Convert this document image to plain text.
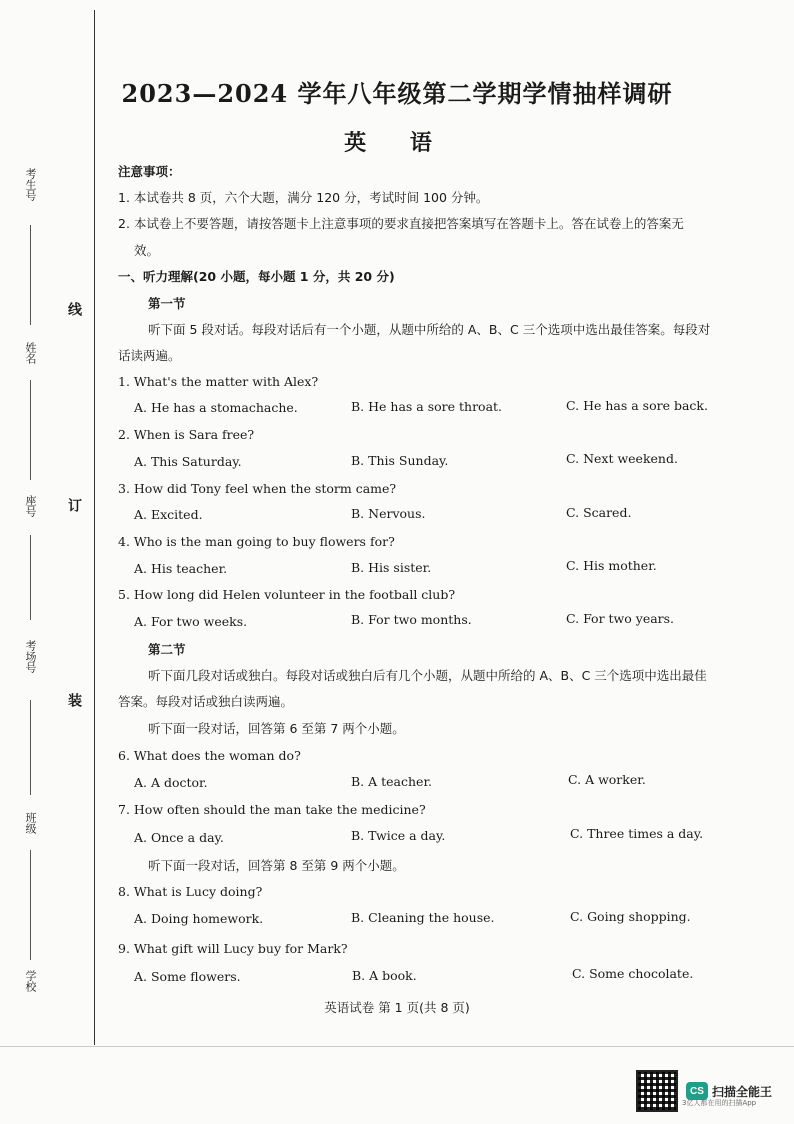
考生号
姓名
座号
考场号
班级
学校
线
订
装
2023—2024 学年八年级第二学期学情抽样调研
英 语
注意事项：
1. 本试卷共 8 页，六个大题，满分 120 分，考试时间 100 分钟。
2. 本试卷上不要答题，请按答题卡上注意事项的要求直接把答案填写在答题卡上。答在试卷上的答案无
效。
一、听力理解(20 小题，每小题 1 分，共 20 分)
第一节
听下面 5 段对话。每段对话后有一个小题，从题中所给的 A、B、C 三个选项中选出最佳答案。每段对
话读两遍。
1. What's the matter with Alex?
A. He has a stomachache.	B. He has a sore throat.	C. He has a sore back.
2. When is Sara free?
A. This Saturday.	B. This Sunday.	C. Next weekend.
3. How did Tony feel when the storm came?
A. Excited.	B. Nervous.	C. Scared.
4. Who is the man going to buy flowers for?
A. His teacher.	B. His sister.	C. His mother.
5. How long did Helen volunteer in the football club?
A. For two weeks.	B. For two months.	C. For two years.
第二节
听下面几段对话或独白。每段对话或独白后有几个小题，从题中所给的 A、B、C 三个选项中选出最佳
答案。每段对话或独白读两遍。
听下面一段对话，回答第 6 至第 7 两个小题。
6. What does the woman do?
A. A doctor.	B. A teacher.	C. A worker.
7. How often should the man take the medicine?
A. Once a day.	B. Twice a day.	C. Three times a day.
听下面一段对话，回答第 8 至第 9 两个小题。
8. What is Lucy doing?
A. Doing homework.	B. Cleaning the house.	C. Going shopping.
9. What gift will Lucy buy for Mark?
A. Some flowers.	B. A book.	C. Some chocolate.
英语试卷 第 1 页(共 8 页)
CS 扫描全能王
3亿人都在用的扫描App
